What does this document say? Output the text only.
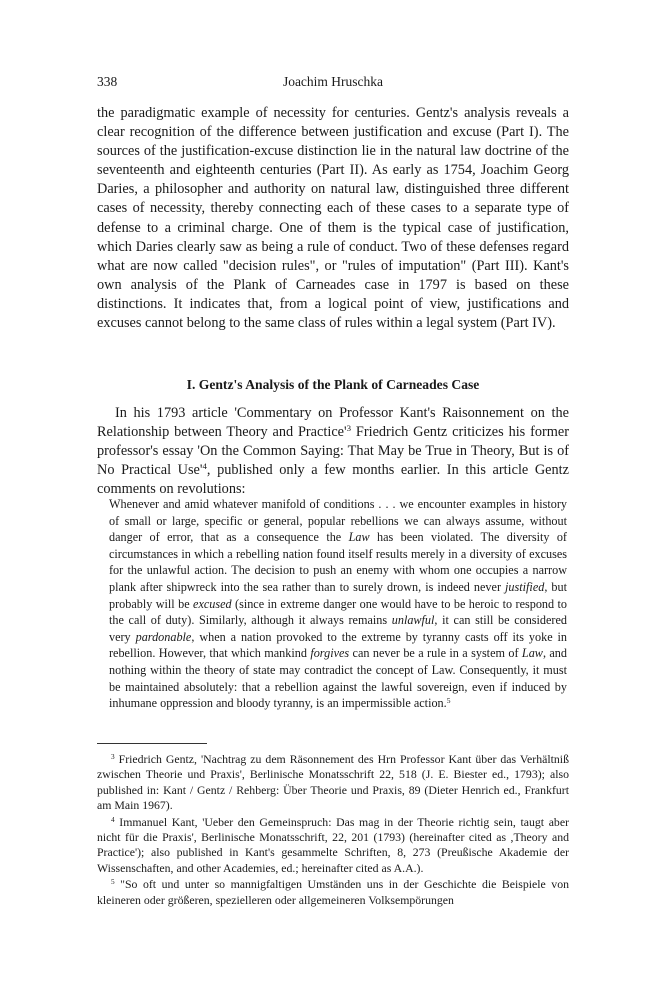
338	Joachim Hruschka

the paradigmatic example of necessity for centuries. Gentz's analysis reveals a clear recognition of the difference between justification and excuse (Part I). The sources of the justification-excuse distinction lie in the natural law doctrine of the seventeenth and eighteenth centuries (Part II). As early as 1754, Joachim Georg Daries, a philosopher and authority on natural law, distinguished three different cases of necessity, thereby connecting each of these cases to a separate type of defense to a criminal charge. One of them is the typical case of justification, which Daries clearly saw as being a rule of conduct. Two of these defenses regard what are now called "decision rules", or "rules of imputation" (Part III). Kant's own analysis of the Plank of Carneades case in 1797 is based on these distinctions. It indicates that, from a logical point of view, justifications and excuses cannot belong to the same class of rules within a legal system (Part IV).

I. Gentz's Analysis of the Plank of Carneades Case

In his 1793 article 'Commentary on Professor Kant's Raisonnement on the Relationship between Theory and $Practice'^3$ Friedrich Gentz criticizes his former professor's essay 'On the Common Saying: That May be True in Theory, But is of No Practical $Use'^4$, published only a few months earlier. In this article Gentz comments on revolutions:

Whenever and amid whatever manifold of conditions . . . we encounter examples in history of small or large, specific or general, popular rebellions we can always assume, without danger of error, that as a consequence the Law has been violated. The diversity of circumstances in which a rebelling nation found itself results merely in a diversity of excuses for the unlawful action. The decision to push an enemy with whom one occupies a narrow plank after shipwreck into the sea rather than to surely drown, is indeed never justified, but probably will be excused (since in extreme danger one would have to be heroic to respond to the call of duty). Similarly, although it always remains unlawful, it can still be considered very pardonable, when a nation provoked to the extreme by tyranny casts off its yoke in rebellion. However, that which mankind forgives can never be a rule in a system of Law, and nothing within the theory of state may contradict the concept of Law. Consequently, it must be maintained absolutely: that a rebellion against the lawful sovereign, even if induced by inhumane oppression and bloody tyranny, is an impermissible action.$^5$

$^3$ Friedrich Gentz, 'Nachtrag zu dem Räsonnement des Hrn Professor Kant über das Verhältniß zwischen Theorie und Praxis', Berlinische Monatsschrift 22, 518 (J. E. Biester ed., 1793); also published in: Kant / Gentz / Rehberg: Über Theorie und Praxis, 89 (Dieter Henrich ed., Frankfurt am Main 1967).

$^4$ Immanuel Kant, 'Ueber den Gemeinspruch: Das mag in der Theorie richtig sein, taugt aber nicht für die Praxis', Berlinische Monatsschrift, 22, 201 (1793) (hereinafter cited as ,Theory and Practice'); also published in Kant's gesammelte Schriften, 8, 273 (Preußische Akademie der Wissenschaften, and other Academies, ed.; hereinafter cited as A.A.).

$^5$ "So oft und unter so mannigfaltigen Umständen uns in der Geschichte die Beispiele von kleineren oder größeren, spezielleren oder allgemeineren Volksempörungen
